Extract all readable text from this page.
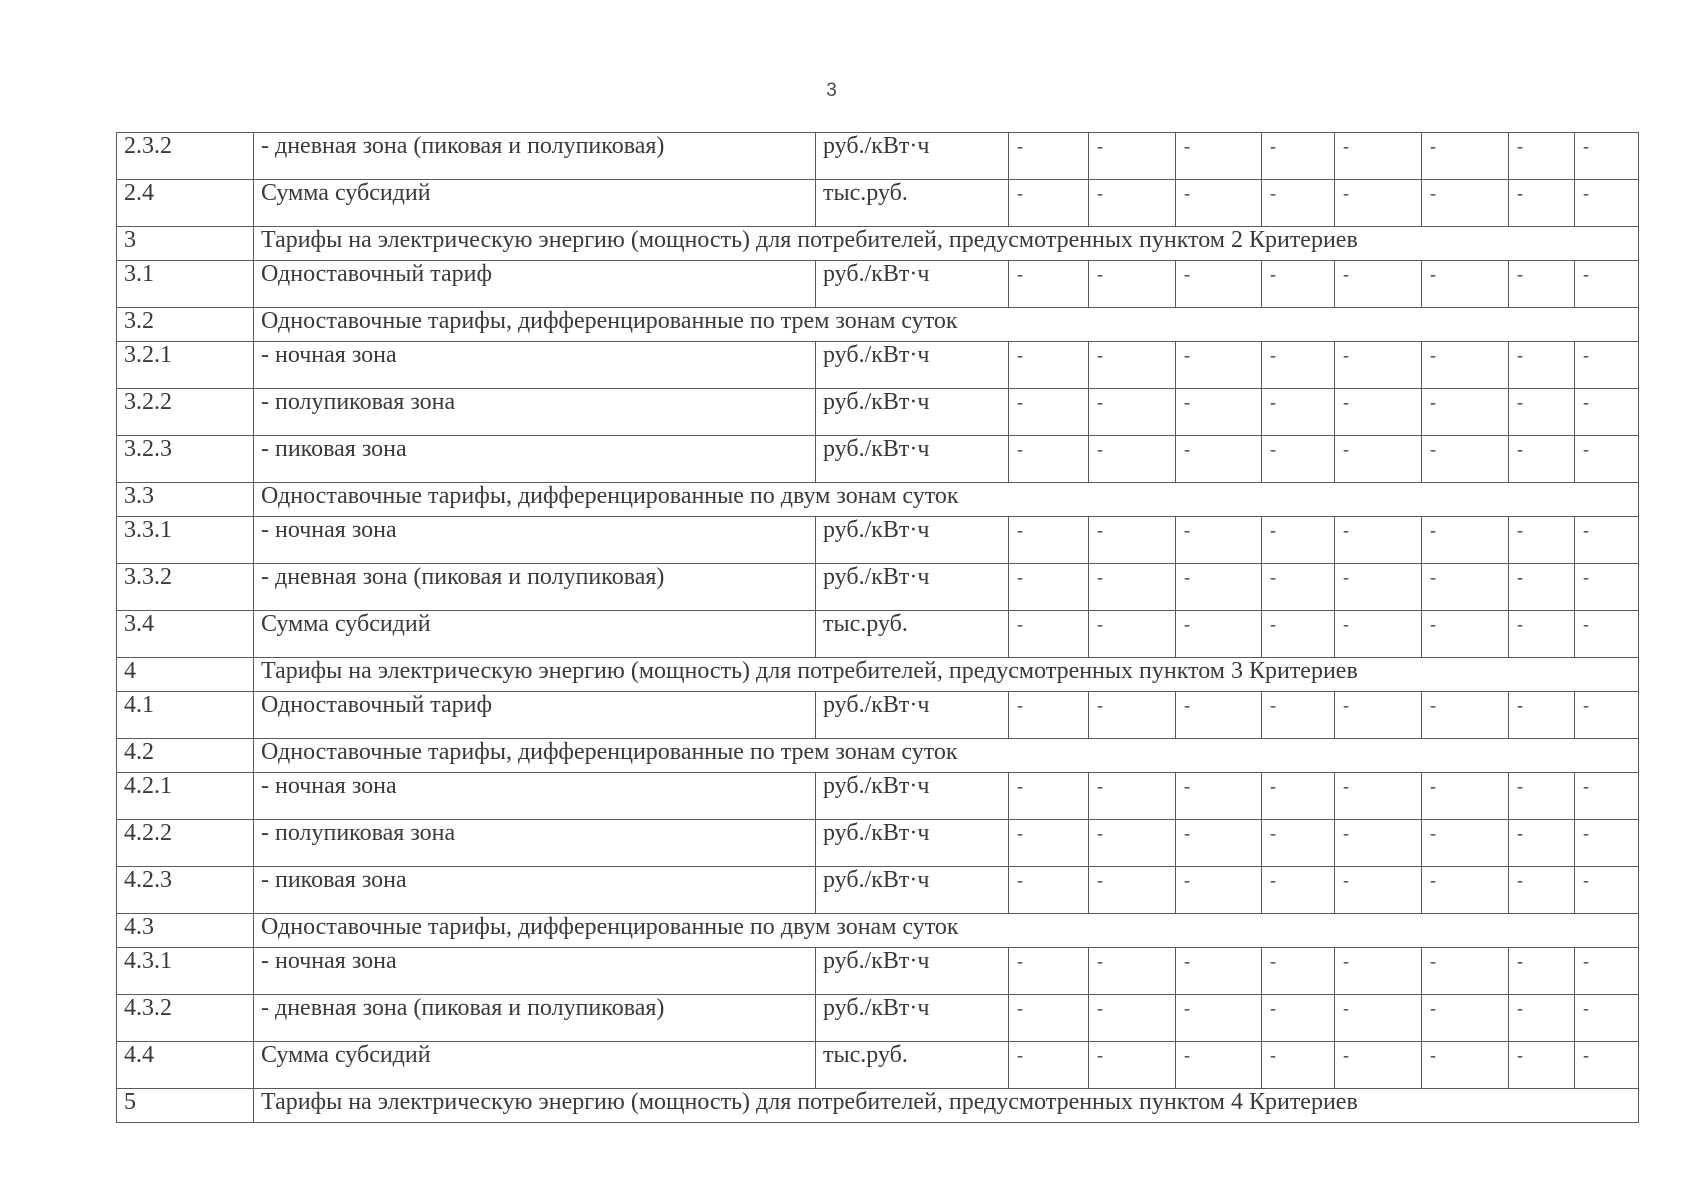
3
2.3.2	- дневная зона (пиковая и полупиковая)	руб./кВт·ч	-	-	-	-	-	-	-	-
2.4	Сумма субсидий	тыс.руб.	-	-	-	-	-	-	-	-
3	Тарифы на электрическую энергию (мощность) для потребителей, предусмотренных пунктом 2 Критериев									
3.1	Одноставочный тариф	руб./кВт·ч	-	-	-	-	-	-	-	-
3.2	Одноставочные тарифы, дифференцированные по трем зонам суток									
3.2.1	- ночная зона	руб./кВт·ч	-	-	-	-	-	-	-	-
3.2.2	- полупиковая зона	руб./кВт·ч	-	-	-	-	-	-	-	-
3.2.3	- пиковая зона	руб./кВт·ч	-	-	-	-	-	-	-	-
3.3	Одноставочные тарифы, дифференцированные по двум зонам суток									
3.3.1	- ночная зона	руб./кВт·ч	-	-	-	-	-	-	-	-
3.3.2	- дневная зона (пиковая и полупиковая)	руб./кВт·ч	-	-	-	-	-	-	-	-
3.4	Сумма субсидий	тыс.руб.	-	-	-	-	-	-	-	-
4	Тарифы на электрическую энергию (мощность) для потребителей, предусмотренных пунктом 3 Критериев									
4.1	Одноставочный тариф	руб./кВт·ч	-	-	-	-	-	-	-	-
4.2	Одноставочные тарифы, дифференцированные по трем зонам суток									
4.2.1	- ночная зона	руб./кВт·ч	-	-	-	-	-	-	-	-
4.2.2	- полупиковая зона	руб./кВт·ч	-	-	-	-	-	-	-	-
4.2.3	- пиковая зона	руб./кВт·ч	-	-	-	-	-	-	-	-
4.3	Одноставочные тарифы, дифференцированные по двум зонам суток									
4.3.1	- ночная зона	руб./кВт·ч	-	-	-	-	-	-	-	-
4.3.2	- дневная зона (пиковая и полупиковая)	руб./кВт·ч	-	-	-	-	-	-	-	-
4.4	Сумма субсидий	тыс.руб.	-	-	-	-	-	-	-	-
5	Тарифы на электрическую энергию (мощность) для потребителей, предусмотренных пунктом 4 Критериев									
